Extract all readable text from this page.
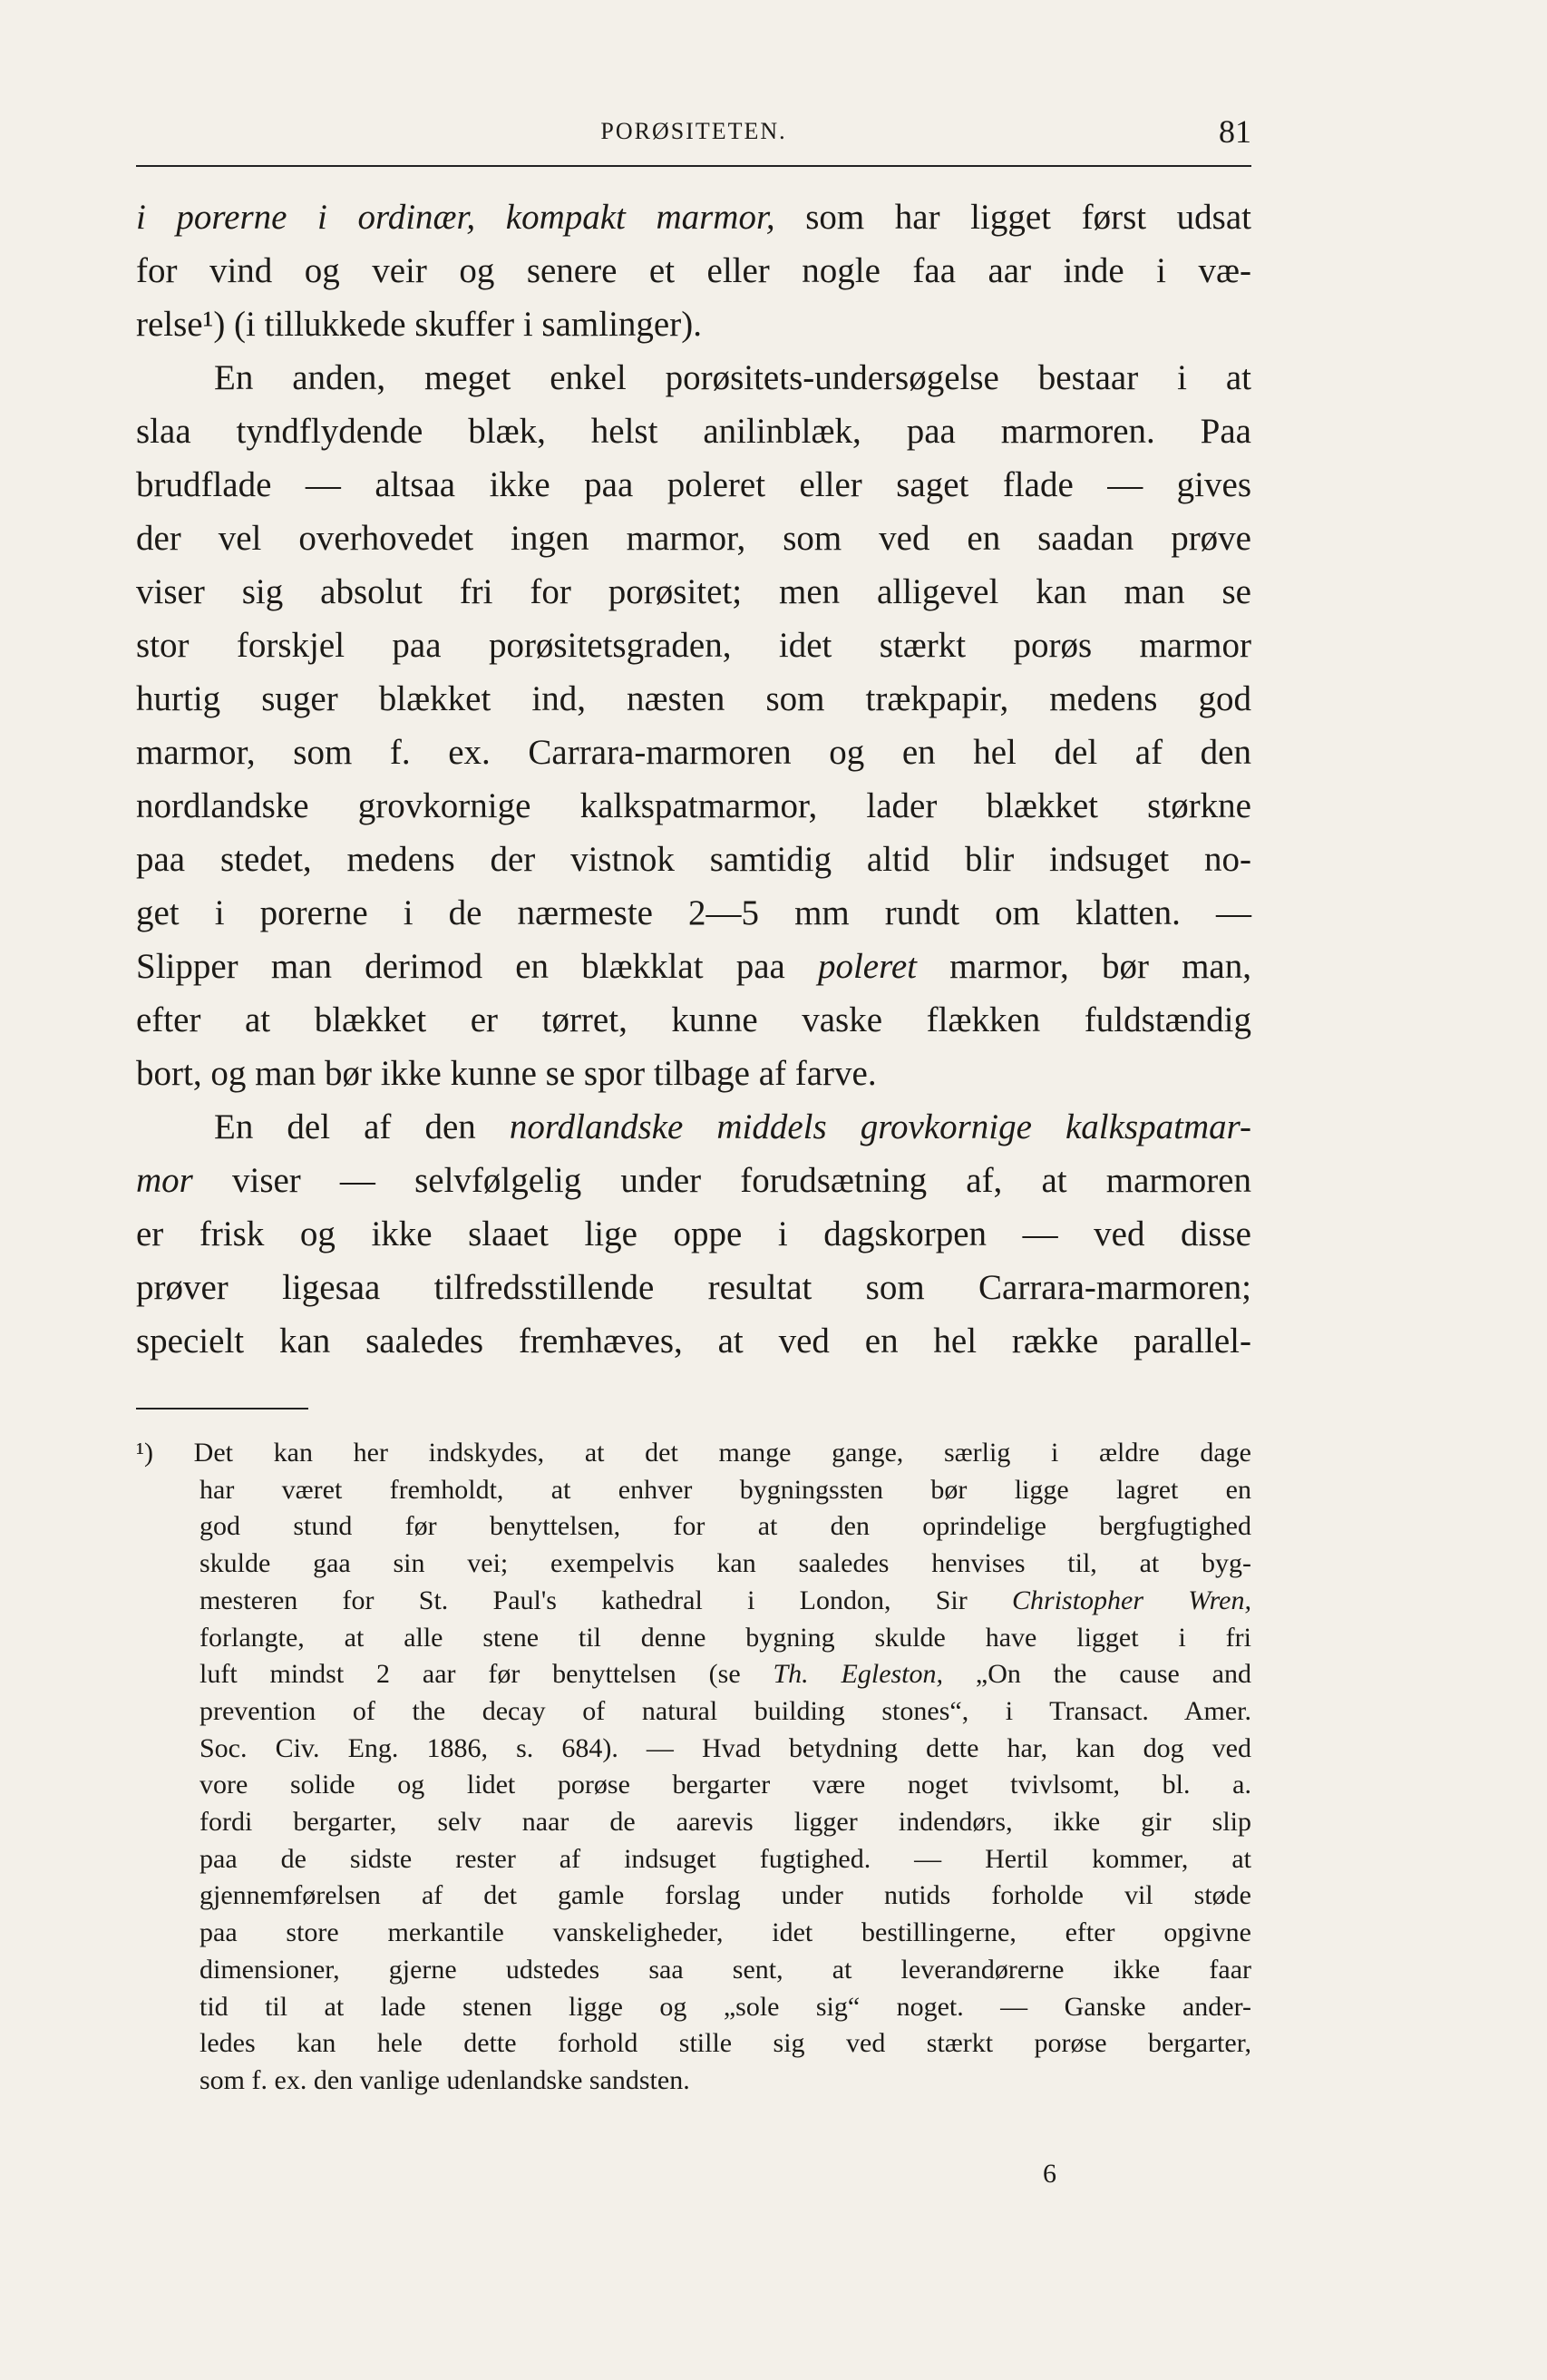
PORØSITETEN.	81
i porerne i ordinær, kompakt marmor, som har ligget først udsat
for vind og veir og senere et eller nogle faa aar inde i væ-
relse¹) (i tillukkede skuffer i samlinger).
En anden, meget enkel porøsitets-undersøgelse bestaar i at
slaa tyndflydende blæk, helst anilinblæk, paa marmoren. Paa
brudflade — altsaa ikke paa poleret eller saget flade — gives
der vel overhovedet ingen marmor, som ved en saadan prøve
viser sig absolut fri for porøsitet; men alligevel kan man se
stor forskjel paa porøsitetsgraden, idet stærkt porøs marmor
hurtig suger blækket ind, næsten som trækpapir, medens god
marmor, som f. ex. Carrara-marmoren og en hel del af den
nordlandske grovkornige kalkspatmarmor, lader blækket størkne
paa stedet, medens der vistnok samtidig altid blir indsuget no-
get i porerne i de nærmeste 2—5 mm rundt om klatten. —
Slipper man derimod en blækklat paa poleret marmor, bør man,
efter at blækket er tørret, kunne vaske flækken fuldstændig
bort, og man bør ikke kunne se spor tilbage af farve.
En del af den nordlandske middels grovkornige kalkspatmar-
mor viser — selvfølgelig under forudsætning af, at marmoren
er frisk og ikke slaaet lige oppe i dagskorpen — ved disse
prøver ligesaa tilfredsstillende resultat som Carrara-marmoren;
specielt kan saaledes fremhæves, at ved en hel række parallel-
¹) Det kan her indskydes, at det mange gange, særlig i ældre dage
har været fremholdt, at enhver bygningssten bør ligge lagret en
god stund før benyttelsen, for at den oprindelige bergfugtighed
skulde gaa sin vei; exempelvis kan saaledes henvises til, at byg-
mesteren for St. Paul's kathedral i London, Sir Christopher Wren,
forlangte, at alle stene til denne bygning skulde have ligget i fri
luft mindst 2 aar før benyttelsen (se Th. Egleston, „On the cause and
prevention of the decay of natural building stones“, i Transact. Amer.
Soc. Civ. Eng. 1886, s. 684). — Hvad betydning dette har, kan dog ved
vore solide og lidet porøse bergarter være noget tvivlsomt, bl. a.
fordi bergarter, selv naar de aarevis ligger indendørs, ikke gir slip
paa de sidste rester af indsuget fugtighed. — Hertil kommer, at
gjennemførelsen af det gamle forslag under nutids forholde vil støde
paa store merkantile vanskeligheder, idet bestillingerne, efter opgivne
dimensioner, gjerne udstedes saa sent, at leverandørerne ikke faar
tid til at lade stenen ligge og „sole sig“ noget. — Ganske ander-
ledes kan hele dette forhold stille sig ved stærkt porøse bergarter,
som f. ex. den vanlige udenlandske sandsten.
6
